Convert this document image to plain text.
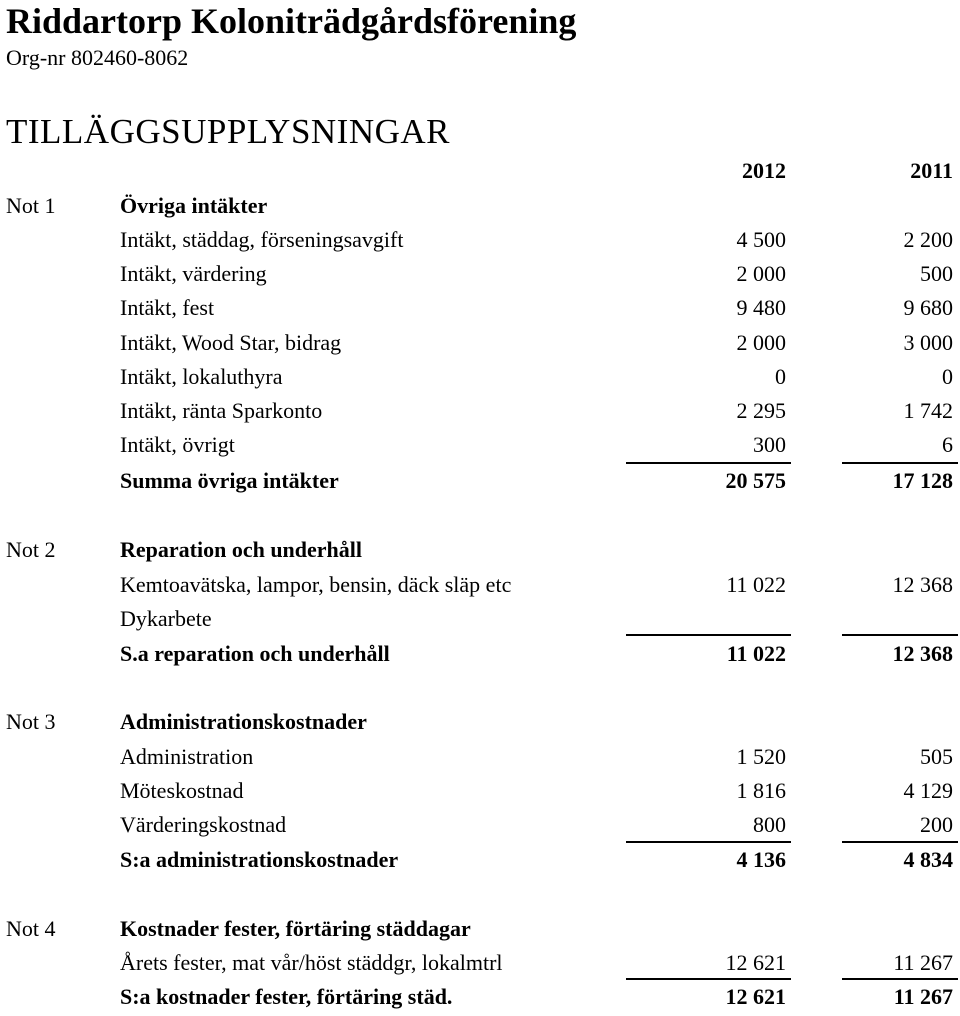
Riddartorp Koloniträdgårdsförening
Org-nr 802460-8062
TILLÄGGSUPPLYSNINGAR
2012	2011
Not 1	Övriga intäkter
Intäkt, städdag, förseningsavgift	4 500	2 200
Intäkt, värdering	2 000	500
Intäkt, fest	9 480	9 680
Intäkt, Wood Star, bidrag	2 000	3 000
Intäkt, lokaluthyra	0	0
Intäkt, ränta Sparkonto	2 295	1 742
Intäkt, övrigt	300	6
Summa övriga intäkter	20 575	17 128
Not 2	Reparation och underhåll
Kemtoavätska, lampor, bensin, däck släp etc	11 022	12 368
Dykarbete
S.a reparation och underhåll	11 022	12 368
Not 3	Administrationskostnader
Administration	1 520	505
Möteskostnad	1 816	4 129
Värderingskostnad	800	200
S:a administrationskostnader	4 136	4 834
Not 4	Kostnader fester, förtäring städdagar
Årets fester, mat vår/höst städdgr, lokalmtrl	12 621	11 267
S:a kostnader fester, förtäring städ.	12 621	11 267
